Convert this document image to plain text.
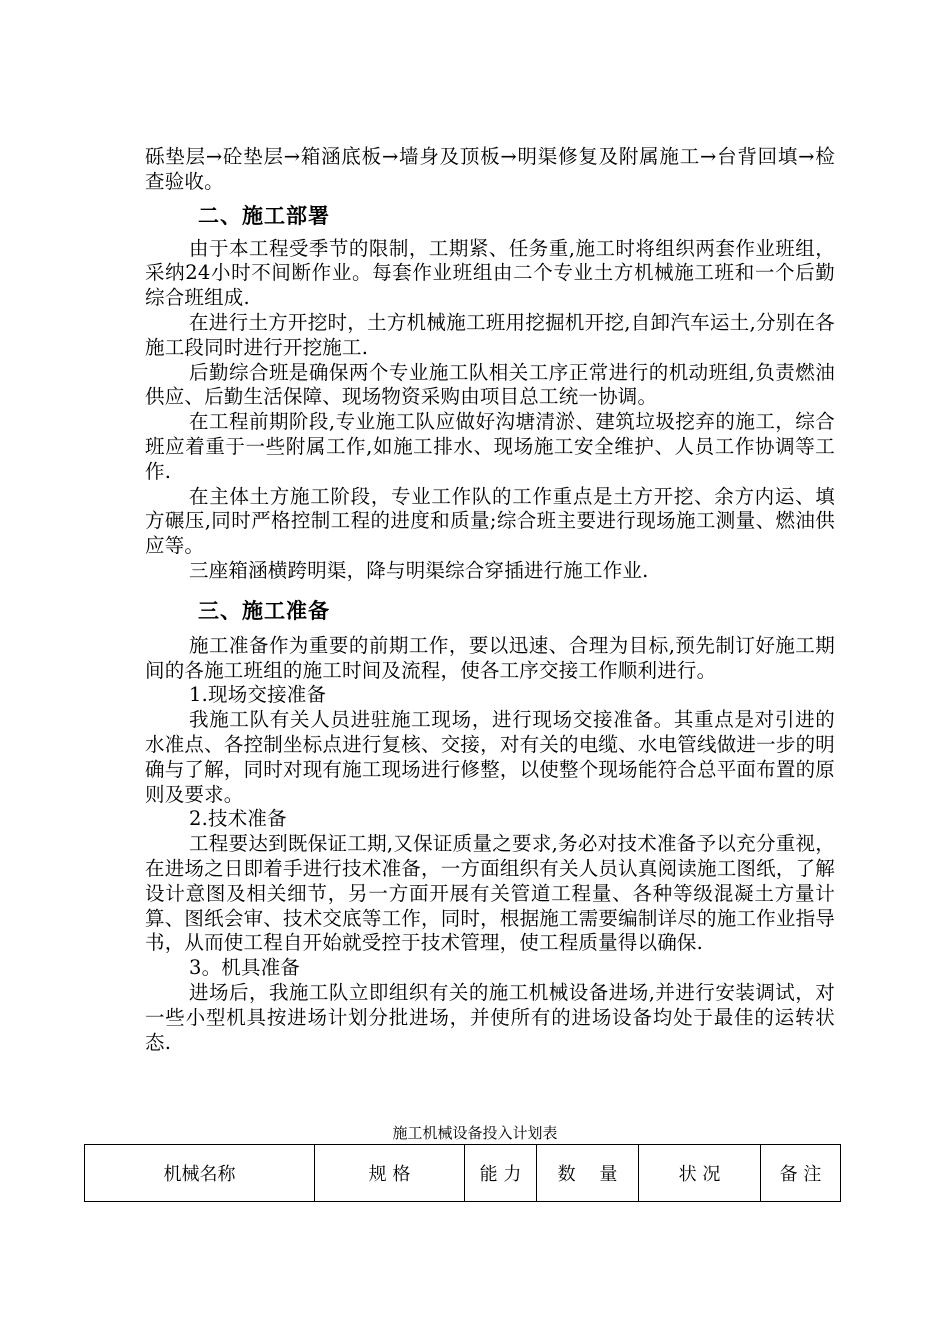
砾垫层→砼垫层→箱涵底板→墙身及顶板→明渠修复及附属施工→台背回填→检查验收。

二、施工部署

由于本工程受季节的限制，工期紧、任务重,施工时将组织两套作业班组，采纳24小时不间断作业。每套作业班组由二个专业土方机械施工班和一个后勤综合班组成.

在进行土方开挖时，土方机械施工班用挖掘机开挖,自卸汽车运土,分别在各施工段同时进行开挖施工.

后勤综合班是确保两个专业施工队相关工序正常进行的机动班组,负责燃油供应、后勤生活保障、现场物资采购由项目总工统一协调。

在工程前期阶段,专业施工队应做好沟塘清淤、建筑垃圾挖弃的施工，综合班应着重于一些附属工作,如施工排水、现场施工安全维护、人员工作协调等工作.

在主体土方施工阶段，专业工作队的工作重点是土方开挖、余方内运、填方碾压,同时严格控制工程的进度和质量;综合班主要进行现场施工测量、燃油供应等。

三座箱涵横跨明渠，降与明渠综合穿插进行施工作业.

三、施工准备

施工准备作为重要的前期工作，要以迅速、合理为目标,预先制订好施工期间的各施工班组的施工时间及流程，使各工序交接工作顺利进行。

1.现场交接准备

我施工队有关人员进驻施工现场，进行现场交接准备。其重点是对引进的水准点、各控制坐标点进行复核、交接，对有关的电缆、水电管线做进一步的明确与了解，同时对现有施工现场进行修整，以使整个现场能符合总平面布置的原则及要求。

2.技术准备

工程要达到既保证工期,又保证质量之要求,务必对技术准备予以充分重视，在进场之日即着手进行技术准备，一方面组织有关人员认真阅读施工图纸，了解设计意图及相关细节，另一方面开展有关管道工程量、各种等级混凝土方量计算、图纸会审、技术交底等工作，同时，根据施工需要编制详尽的施工作业指导书，从而使工程自开始就受控于技术管理，使工程质量得以确保.

3。机具准备

进场后，我施工队立即组织有关的施工机械设备进场,并进行安装调试，对一些小型机具按进场计划分批进场，并使所有的进场设备均处于最佳的运转状态.

施工机械设备投入计划表
机械名称	规 格	能 力	数　 量	状 况	备 注
